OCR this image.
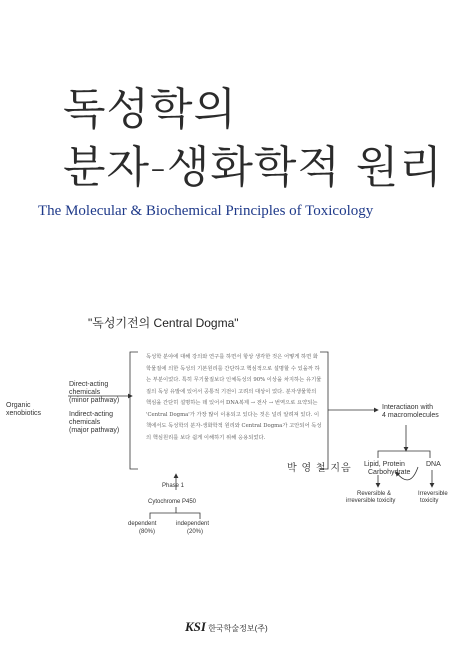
독성학의
분자-생화학적 원리
The Molecular & Biochemical Principles of Toxicology
"독성기전의 Central Dogma"
Organic
xenobiotics
Direct-acting
chemicals
(minor pathway)
Indirect-acting
chemicals
(major pathway)
Phase 1
Cytochrome P450
dependent
(80%)
independent
(20%)
Interactiaon with
4 macromolecules
Lipid, Protein
Carbohydrate
DNA
Reversible &
irreversible toxicity
Irreversible
toxicity
독성학 분야에 대해 강의와 연구를 하면서 항상 생각한 것은 어떻게 하면 화학물질에 의한 독성의 기본원리를 간단하고 핵심적으로 설명할 수 있을까 하는 부분이었다. 특히 무기물질보다 인체독성의 90% 이상을 차지하는 유기물질의 독성 유발에 있어서 공통적 기전이 고려의 대상이 었다. 분자생물학의 핵심을 간단히 설명하는 데 있어서 DNA복제 → 전사 → 번역으로 요약되는 'Central Dogma'가 가장 많이 이용되고 있다는 것은 널리 알려져 있다. 이 책에서도 독성학의 분자-생화학적 원리와 Central Dogma가 고안되어 독성의 핵심원리를 보다 쉽게 이해하기 위해 응용되었다.
박 영 철 지음
KSI 한국학술정보(주)
